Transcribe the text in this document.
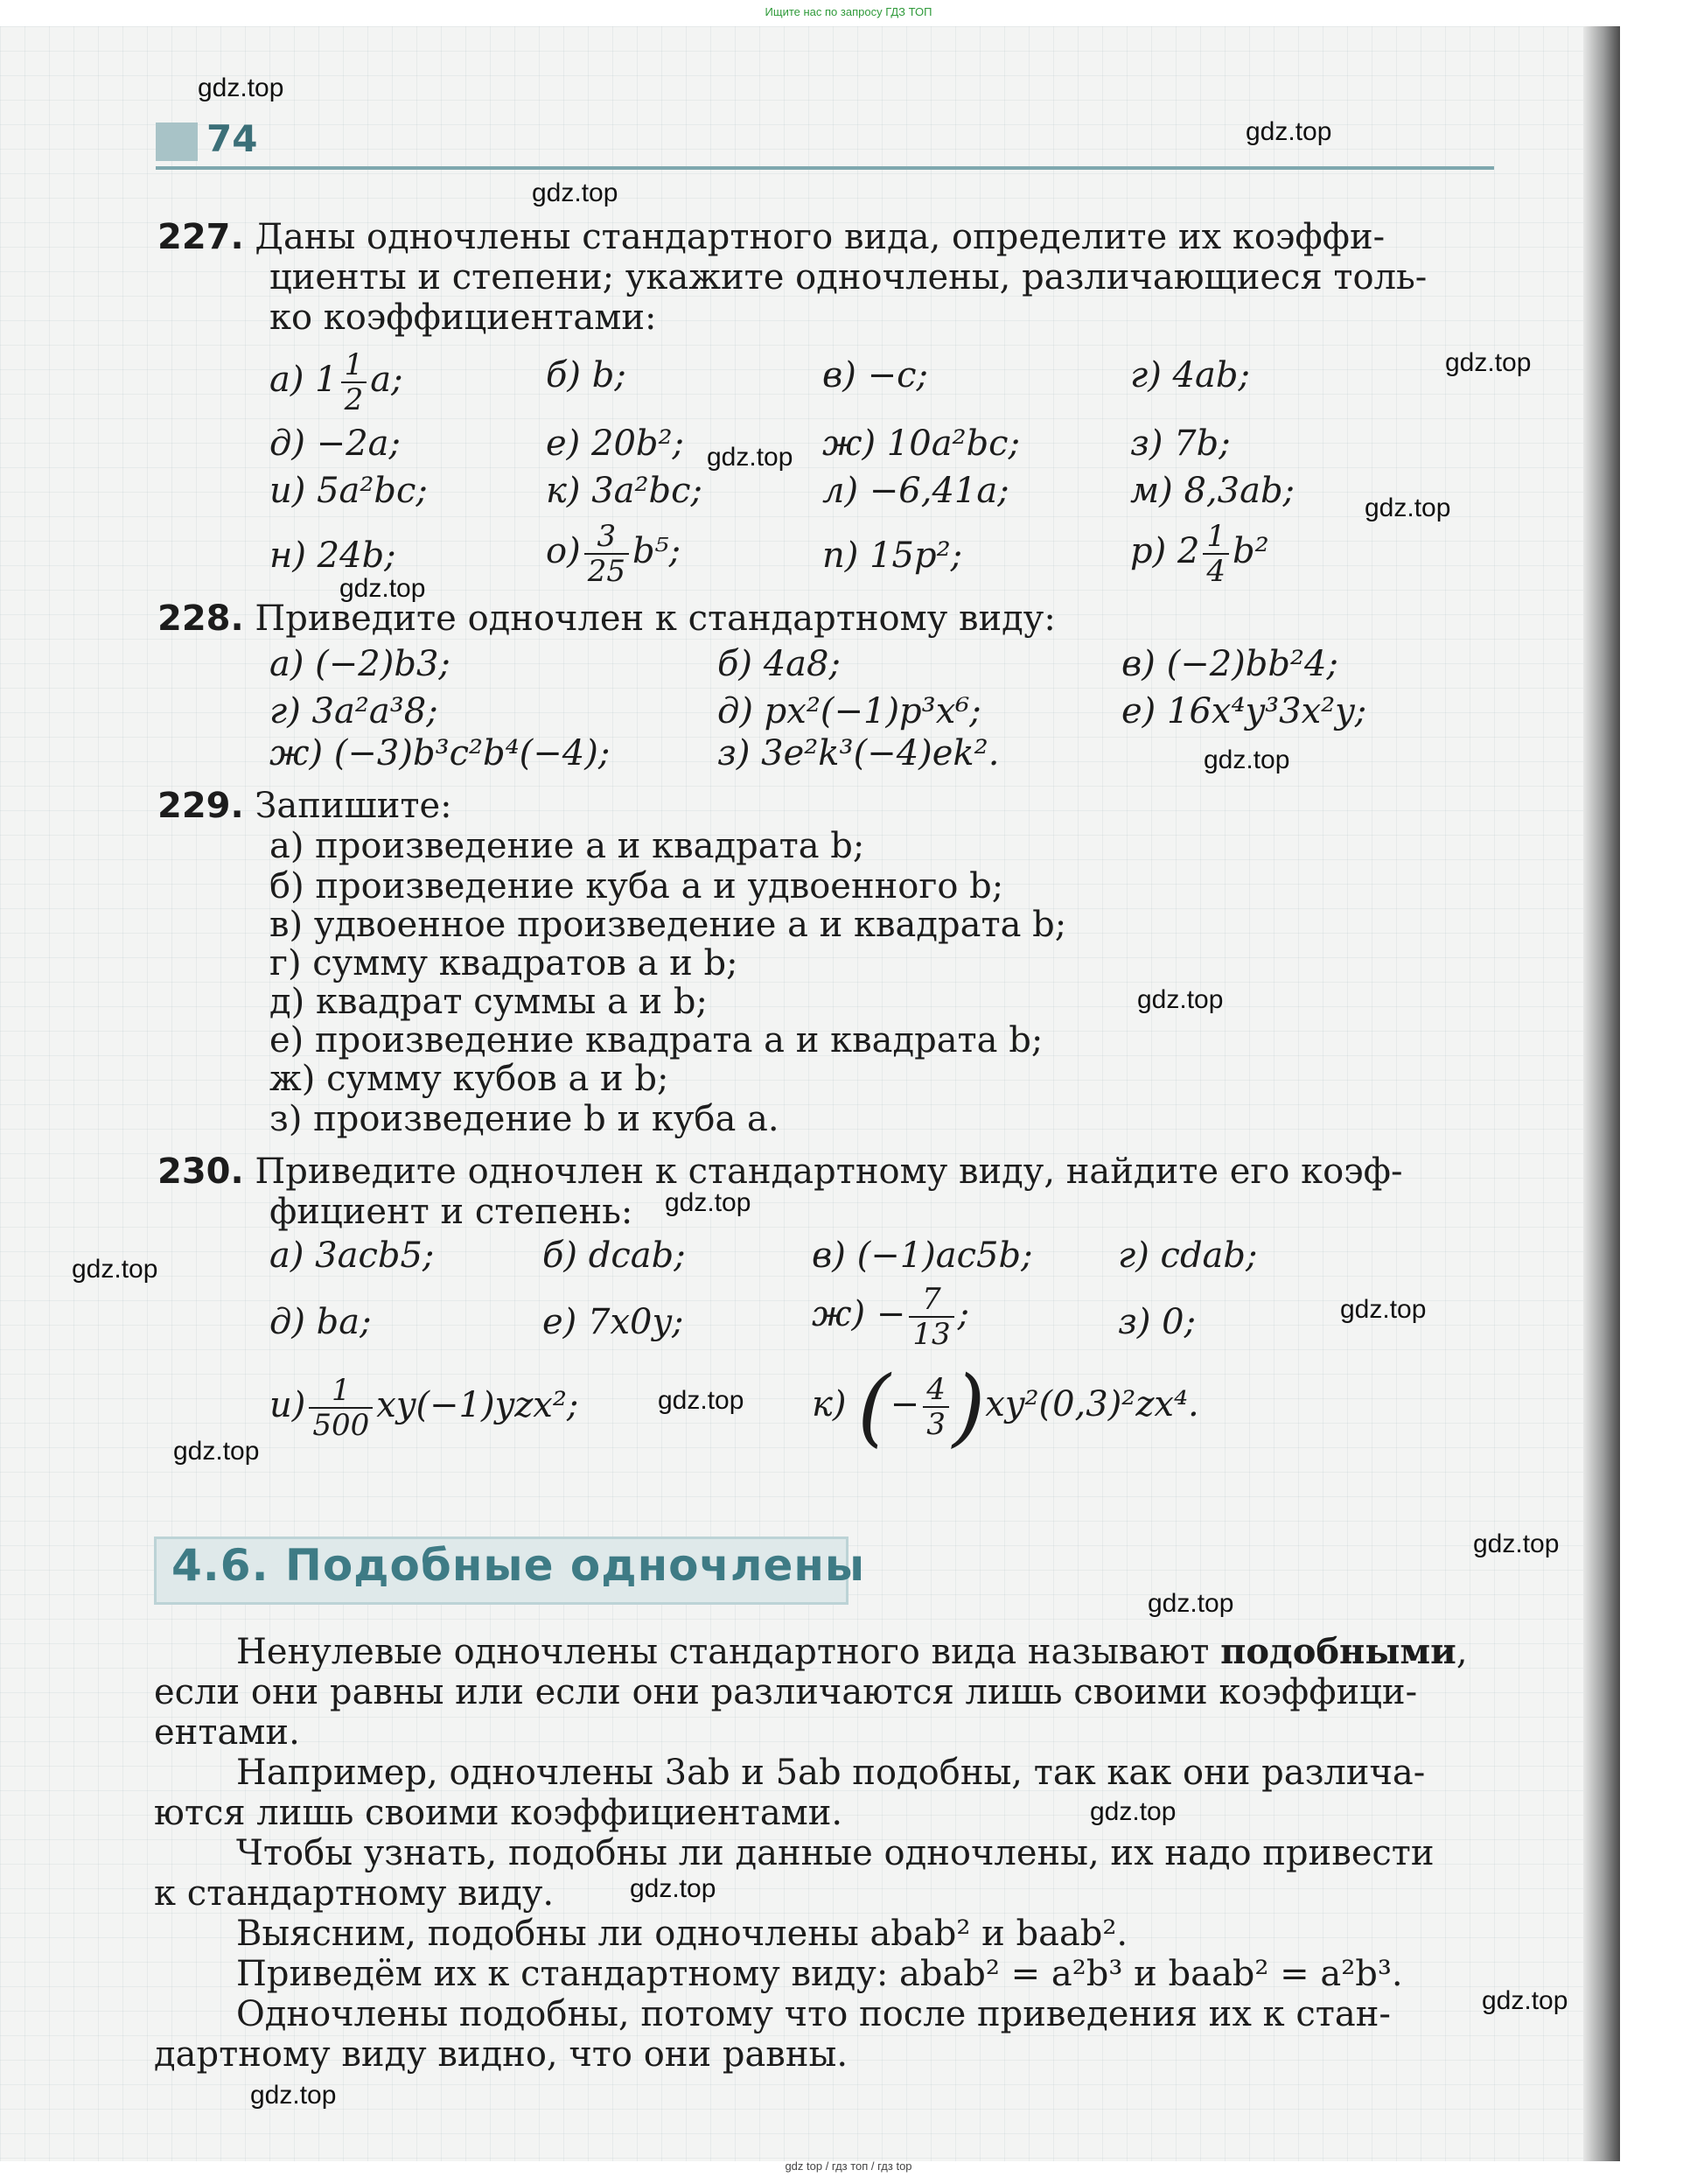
Ищите нас по запросу ГДЗ ТОП
gdz top / гдз топ / гдз top
74
gdz.top
gdz.top
gdz.top
gdz.top
gdz.top
gdz.top
gdz.top
gdz.top
gdz.top
gdz.top
gdz.top
gdz.top
gdz.top
gdz.top
gdz.top
gdz.top
gdz.top
gdz.top
gdz.top
gdz.top
227. Даны одночлены стандартного вида, определите их коэффи-
циенты и степени; укажите одночлены, различающиеся толь-
ко коэффициентами:
а) $1 \frac{1}{2} a$;	б) b;	в) −c;	г) 4ab;
д) −2a;	е) 20b²;	ж) 10a²bc;	з) 7b;
и) 5a²bc;	к) 3a²bc;	л) −6,41a;	м) 8,3ab;
н) 24b;	$о) \frac{3}{25} b^5$;	п) 15p²;	р) $2 \frac{1}{4} b^2$
228. Приведите одночлен к стандартному виду:
а) (−2)b3;	б) 4a8;	в) (−2)bb²4;
г) 3a²a³8;	д) px²(−1)p³x⁶;	е) 16x⁴y³3x²y;
ж) (−3)b³c²b⁴(−4);	з) 3e²k³(−4)ek².
229. Запишите:
а) произведение a и квадрата b;
б) произведение куба a и удвоенного b;
в) удвоенное произведение a и квадрата b;
г) сумму квадратов a и b;
д) квадрат суммы a и b;
е) произведение квадрата a и квадрата b;
ж) сумму кубов a и b;
з) произведение b и куба a.
230. Приведите одночлен к стандартному виду, найдите его коэф-
фициент и степень:
а) 3acb5;	б) dcab;	в) (−1)ac5b; г) cdab;
д) ba;	е) 7x0y;	$ж) - \frac{7}{13}$ ;	з) 0;
$и) \frac{1}{500} xy(-1)yzx^2$;	к) (− $\frac{4}{3} )xy^2(0,3)^2zx^4$.
4.6. Подобные одночлены
Ненулевые одночлены стандартного вида называют подобными,
если они равны или если они различаются лишь своими коэффици-
ентами.
Например, одночлены 3ab и 5ab подобны, так как они различа-
ются лишь своими коэффициентами.
Чтобы узнать, подобны ли данные одночлены, их надо привести
к стандартному виду.
Выясним, подобны ли одночлены abab² и baab².
Приведём их к стандартному виду: abab² = a²b³ и baab² = a²b³.
Одночлены подобны, потому что после приведения их к стан-
дартному виду видно, что они равны.
